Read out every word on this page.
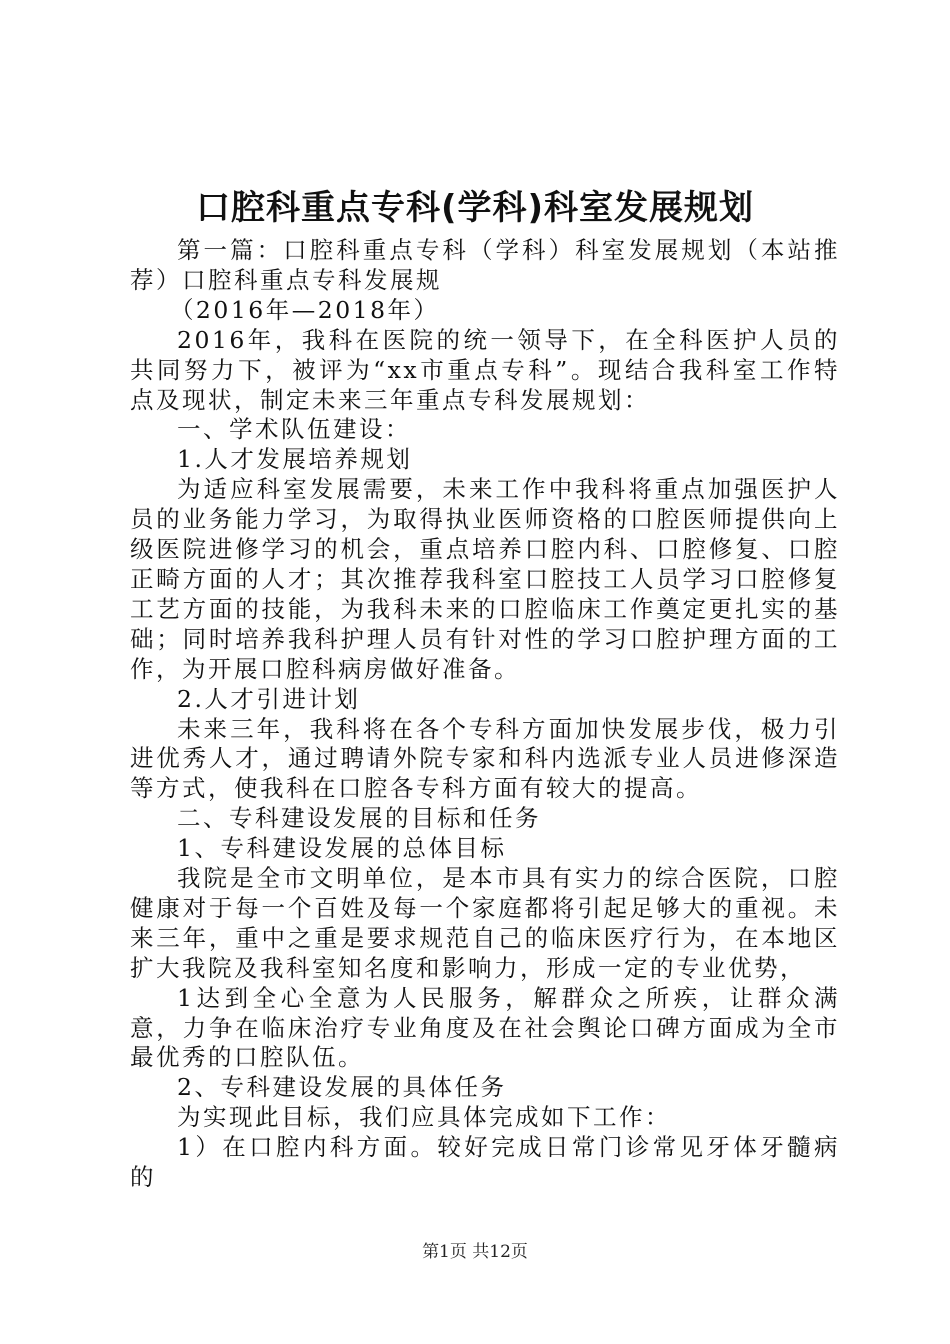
口腔科重点专科(学科)科室发展规划

第一篇：口腔科重点专科（学科）科室发展规划（本站推荐）口腔科重点专科发展规

（2016年—2018年）

2016年，我科在医院的统一领导下，在全科医护人员的共同努力下，被评为“xx市重点专科”。现结合我科室工作特点及现状，制定未来三年重点专科发展规划：

一、学术队伍建设：

1.人才发展培养规划

为适应科室发展需要，未来工作中我科将重点加强医护人员的业务能力学习，为取得执业医师资格的口腔医师提供向上级医院进修学习的机会，重点培养口腔内科、口腔修复、口腔正畸方面的人才；其次推荐我科室口腔技工人员学习口腔修复工艺方面的技能，为我科未来的口腔临床工作奠定更扎实的基础；同时培养我科护理人员有针对性的学习口腔护理方面的工作，为开展口腔科病房做好准备。

2.人才引进计划

未来三年，我科将在各个专科方面加快发展步伐，极力引进优秀人才，通过聘请外院专家和科内选派专业人员进修深造等方式，使我科在口腔各专科方面有较大的提高。

二、专科建设发展的目标和任务

1、专科建设发展的总体目标

我院是全市文明单位，是本市具有实力的综合医院，口腔健康对于每一个百姓及每一个家庭都将引起足够大的重视。未来三年，重中之重是要求规范自己的临床医疗行为，在本地区扩大我院及我科室知名度和影响力，形成一定的专业优势，

1达到全心全意为人民服务，解群众之所疾，让群众满意，力争在临床治疗专业角度及在社会舆论口碑方面成为全市最优秀的口腔队伍。

2、专科建设发展的具体任务

为实现此目标，我们应具体完成如下工作：

1）在口腔内科方面。较好完成日常门诊常见牙体牙髓病的

第1页 共12页
